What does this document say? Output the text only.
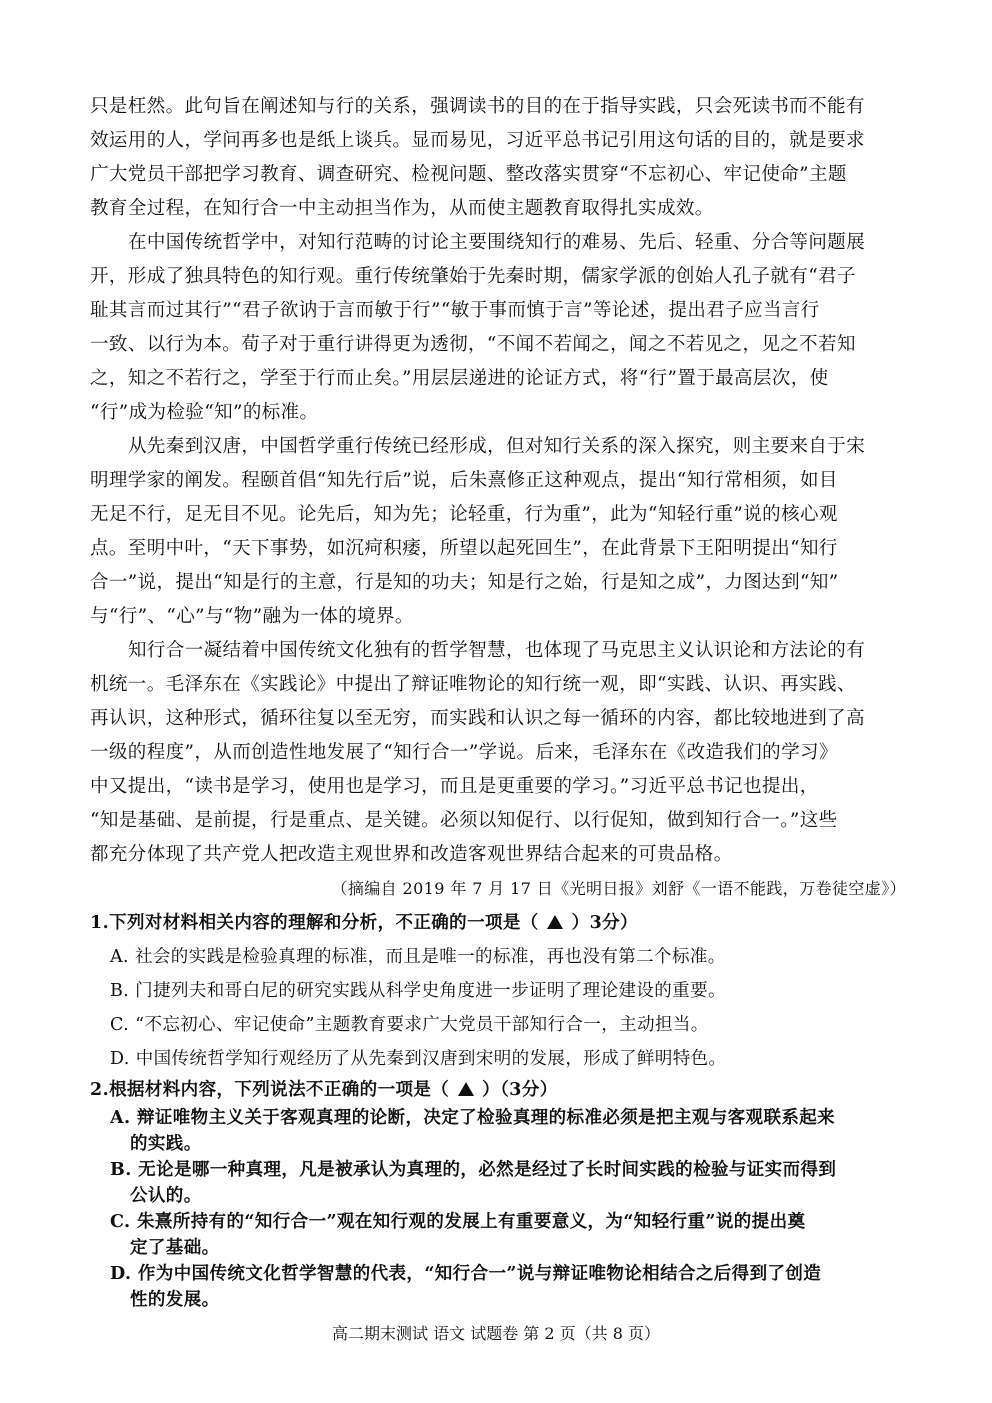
只是枉然。此句旨在阐述知与行的关系，强调读书的目的在于指导实践，只会死读书而不能有
效运用的人，学问再多也是纸上谈兵。显而易见，习近平总书记引用这句话的目的，就是要求
广大党员干部把学习教育、调查研究、检视问题、整改落实贯穿“不忘初心、牢记使命”主题
教育全过程，在知行合一中主动担当作为，从而使主题教育取得扎实成效。
在中国传统哲学中，对知行范畴的讨论主要围绕知行的难易、先后、轻重、分合等问题展
开，形成了独具特色的知行观。重行传统肇始于先秦时期，儒家学派的创始人孔子就有“君子
耻其言而过其行”“君子欲讷于言而敏于行”“敏于事而慎于言”等论述，提出君子应当言行
一致、以行为本。荀子对于重行讲得更为透彻，“不闻不若闻之，闻之不若见之，见之不若知
之，知之不若行之，学至于行而止矣。”用层层递进的论证方式，将“行”置于最高层次，使
“行”成为检验“知”的标准。
从先秦到汉唐，中国哲学重行传统已经形成，但对知行关系的深入探究，则主要来自于宋
明理学家的阐发。程颐首倡“知先行后”说，后朱熹修正这种观点，提出“知行常相须，如目
无足不行，足无目不见。论先后，知为先；论轻重，行为重”，此为“知轻行重”说的核心观
点。至明中叶，“天下事势，如沉疴积痿，所望以起死回生”，在此背景下王阳明提出“知行
合一”说，提出“知是行的主意，行是知的功夫；知是行之始，行是知之成”，力图达到“知”
与“行”、“心”与“物”融为一体的境界。
知行合一凝结着中国传统文化独有的哲学智慧，也体现了马克思主义认识论和方法论的有
机统一。毛泽东在《实践论》中提出了辩证唯物论的知行统一观，即“实践、认识、再实践、
再认识，这种形式，循环往复以至无穷，而实践和认识之每一循环的内容，都比较地进到了高
一级的程度”，从而创造性地发展了“知行合一”学说。后来，毛泽东在《改造我们的学习》
中又提出，“读书是学习，使用也是学习，而且是更重要的学习。”习近平总书记也提出，
“知是基础、是前提，行是重点、是关键。必须以知促行、以行促知，做到知行合一。”这些
都充分体现了共产党人把改造主观世界和改造客观世界结合起来的可贵品格。
（摘编自 2019 年 7 月 17 日《光明日报》刘舒《一语不能践，万卷徒空虚》）
1.下列对材料相关内容的理解和分析，不正确的一项是（ ）3分）
A. 社会的实践是检验真理的标准，而且是唯一的标准，再也没有第二个标准。
B. 门捷列夫和哥白尼的研究实践从科学史角度进一步证明了理论建设的重要。
C. “不忘初心、牢记使命”主题教育要求广大党员干部知行合一，主动担当。
D. 中国传统哲学知行观经历了从先秦到汉唐到宋明的发展，形成了鲜明特色。
2.根据材料内容，下列说法不正确的一项是（ ）（3分）
A. 辩证唯物主义关于客观真理的论断，决定了检验真理的标准必须是把主观与客观联系起来
的实践。
B. 无论是哪一种真理，凡是被承认为真理的，必然是经过了长时间实践的检验与证实而得到
公认的。
C. 朱熹所持有的“知行合一”观在知行观的发展上有重要意义，为“知轻行重”说的提出奠
定了基础。
D. 作为中国传统文化哲学智慧的代表，“知行合一”说与辩证唯物论相结合之后得到了创造
性的发展。
高二期末测试 语文 试题卷 第 2 页（共 8 页）
